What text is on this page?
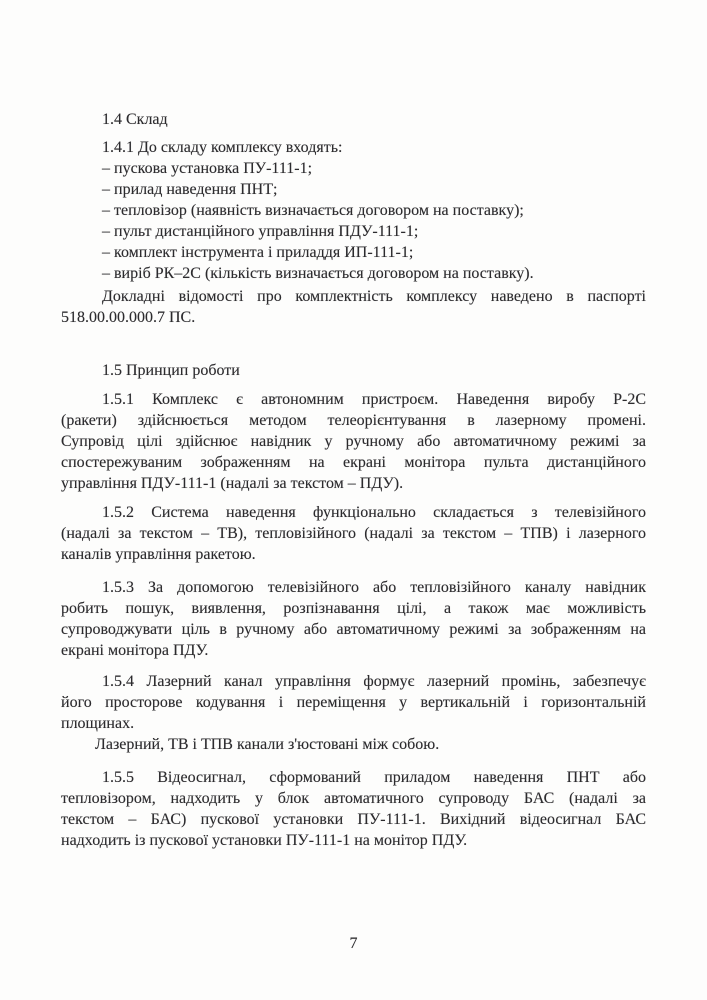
1.4 Склад
1.4.1 До складу комплексу входять:
– пускова установка ПУ-111-1;
– прилад наведення ПНТ;
– тепловізор (наявність визначається договором на поставку);
– пульт дистанційного управління ПДУ-111-1;
– комплект інструмента і приладдя ИП-111-1;
– виріб РК–2С (кількість визначається договором на поставку).
Докладні відомості про комплектність комплексу наведено в паспорті
518.00.00.000.7 ПС.
1.5 Принцип роботи
1.5.1 Комплекс є автономним пристроєм. Наведення виробу Р-2С
(ракети) здійснюється методом телеорієнтування в лазерному промені.
Супровід цілі здійснює навідник у ручному або автоматичному режимі за
спостережуваним зображенням на екрані монітора пульта дистанційного
управління ПДУ-111-1 (надалі за текстом – ПДУ).
1.5.2 Система наведення функціонально складається з телевізійного
(надалі за текстом – ТВ), тепловізійного (надалі за текстом – ТПВ) і лазерного
каналів управління ракетою.
1.5.3 За допомогою телевізійного або тепловізійного каналу навідник
робить пошук, виявлення, розпізнавання цілі, а також має можливість
супроводжувати ціль в ручному або автоматичному режимі за зображенням на
екрані монітора ПДУ.
1.5.4 Лазерний канал управління формує лазерний промінь, забезпечує
його просторове кодування і переміщення у вертикальній і горизонтальній
площинах.
Лазерний, ТВ і ТПВ канали з'юстовані між собою.
1.5.5 Відеосигнал, сформований приладом наведення ПНТ або
тепловізором, надходить у блок автоматичного супроводу БАС (надалі за
текстом – БАС) пускової установки ПУ-111-1. Вихідний відеосигнал БАС
надходить із пускової установки ПУ-111-1 на монітор ПДУ.
7
